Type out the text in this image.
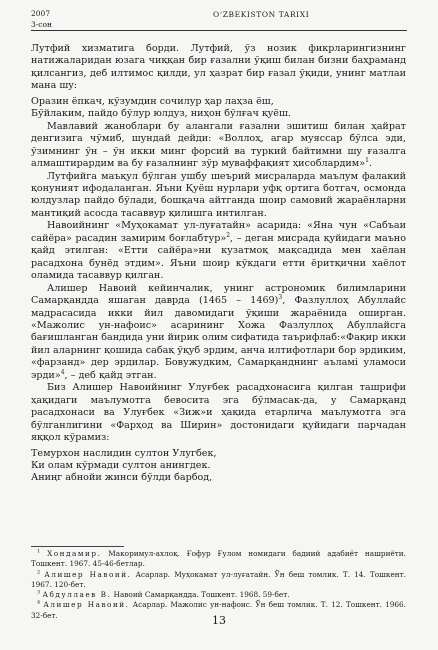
2007
3-сон
O‘ZBEKISTON TARIXI

Лутфий хизматига борди. Лутфий, ўз нозик фикрларингизнинг натижаларидан юзага чиққан бир ғазални ўқиш билан бизни баҳраманд қилсангиз, деб илтимос қилди, ул ҳазрат бир ғазал ўқиди, унинг матлаи мана шу:

Оразин ёпкач, кўзумдин сочилур ҳар лаҳза ёш,
Бўйлаким, пайдо бўлур юлдуз, ниҳон бўлғач қуёш.

Мавлавий жаноблари бу алангали ғазални эшитиш билан ҳайрат денгизига чўмиб, шундай дейди: «Воллоҳ, агар муяссар бўлса эди, ўзимнинг ўн – ўн икки минг форсий ва туркий байтимни шу ғазалга алмаштирардим ва бу ғазалнинг зўр муваффақият ҳисоблардим»$^1$.

Лутфийга маъқул бўлган ушбу шеърий мисраларда маълум фалакий қонуният ифодаланган. Яъни Қуёш нурлари уфқ ортига ботгач, осмонда юлдузлар пайдо бўлади, бошқача айтганда шоир самовий жараёнларни мантиқий асосда тасаввур қилишга интилган.

Навоийнинг «Муҳокамат ул-луғатайн» асарида: «Яна чун «Сабъаи сайёра» расадин замирим боғлабтур»$^2$, – деган мисрада қуйидаги маъно қайд этилган: «Етти сайёра»ни кузатмоқ мақсадида мен хаёлан расадхона бунёд этдим». Яъни шоир кўкдаги етти ёритқични хаёлот оламида тасаввур қилган.

Алишер Навоий кейинчалик, унинг астрономик билимларини Самарқандда яшаган даврда (1465 – 1469)$^3$, Фазлуллоҳ Абуллайс мадрасасида икки йил давомидаги ўқиши жараёнида оширган. «Мажолис ун-нафоис» асарининг Хожа Фазлуллоҳ Абуллайсга бағишланган бандида уни йирик олим сифатида таърифлаб:«Фақир икки йил аларнинг қошида сабақ ўқуб эрдим, анча илтифотлари бор эрдиким, «фарзанд» дер эрдилар. Бовужудким, Самарқанднинг аъламі уламоси эрди»$^4$, – деб қайд этган.

Биз Алишер Навоийнинг Улуғбек расадхонасига қилган ташрифи ҳақидаги маълумотга бевосита эга бўлмасак-да, у Самарқанд расадхонаси ва Улуғбек «Зиж»и ҳақида етарлича маълумотга эга бўлганлигини «Фарҳод ва Ширин» достонидаги қуйидаги парчадан яққол кўрамиз:

Темурхон наслидин султон Улугбек,
Ки олам кўрмади султон анингдек.
Аниңг абнойи жинси бўлди барбод,

$^1$ Хондамир. Макоримул-ахлоқ. Ғофур Ғулом номидаги бадиий адабиёт нашриёти. Тошкент. 1967. 45-46-бетлар.

$^2$ Алишер Навоий. Асарлар. Муҳокамат ул-луғатайн. Ўн беш томлик. Т. 14. Тошкент. 1967. 120-бет.

$^3$ Абдуллаев В. Навоий Самарқандда. Тошкент. 1968. 59-бет.

$^4$ Алишер Навоий. Асарлар. Мажолис ун-нафоис. Ўн беш томлик. Т. 12. Тошкент. 1966. 32-бет.	13
